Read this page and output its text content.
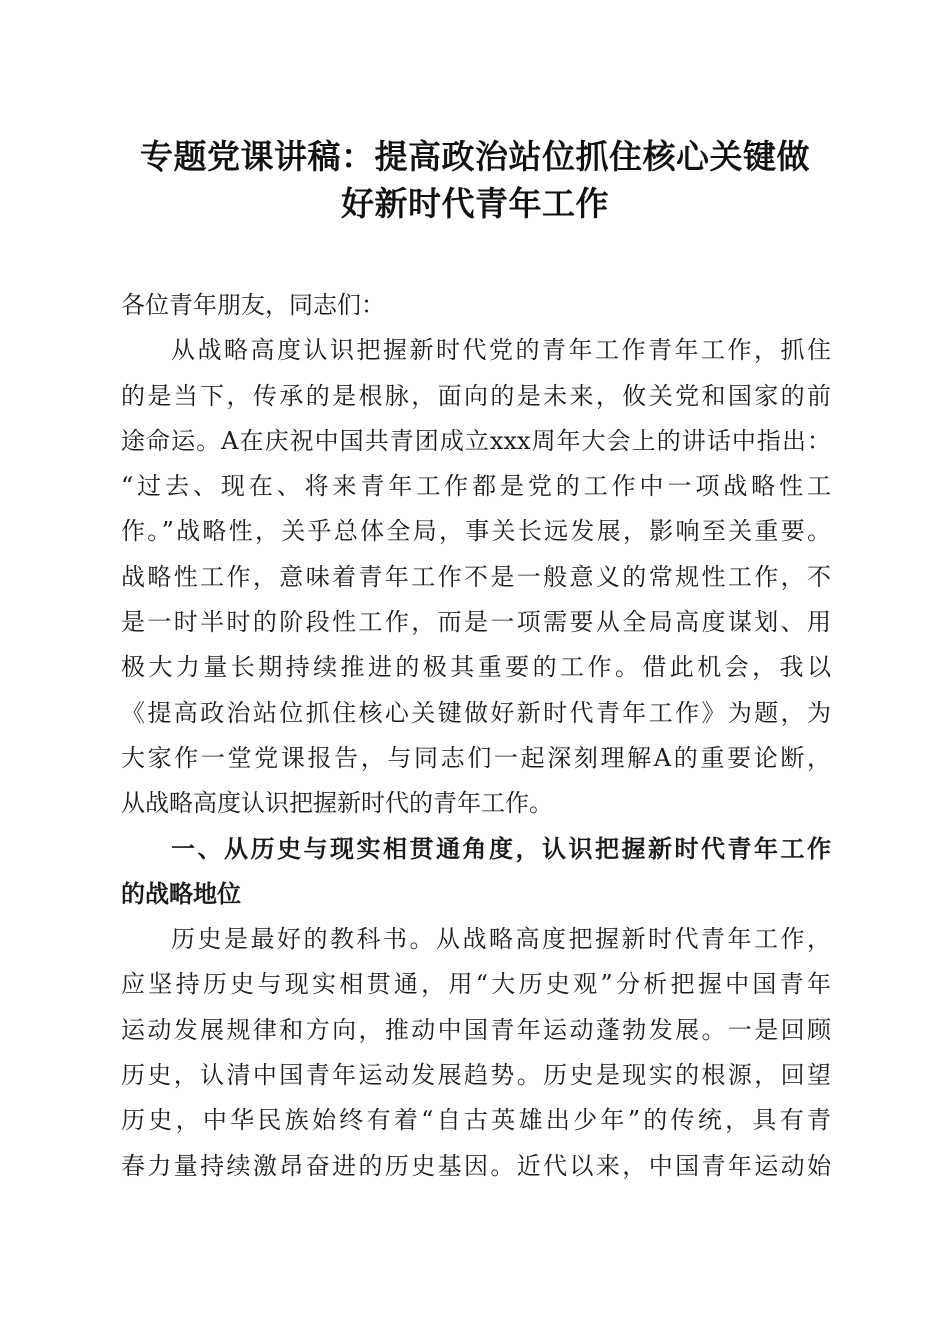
专题党课讲稿：提高政治站位抓住核心关键做
好新时代青年工作
各位青年朋友，同志们：
从战略高度认识把握新时代党的青年工作青年工作，抓住
的是当下，传承的是根脉，面向的是未来，攸关党和国家的前
途命运。A在庆祝中国共青团成立xxx周年大会上的讲话中指出：
“过去、现在、将来青年工作都是党的工作中一项战略性工
作。”战略性，关乎总体全局，事关长远发展，影响至关重要。
战略性工作，意味着青年工作不是一般意义的常规性工作，不
是一时半时的阶段性工作，而是一项需要从全局高度谋划、用
极大力量长期持续推进的极其重要的工作。借此机会，我以
《提高政治站位抓住核心关键做好新时代青年工作》为题，为
大家作一堂党课报告，与同志们一起深刻理解A的重要论断，
从战略高度认识把握新时代的青年工作。
一、从历史与现实相贯通角度，认识把握新时代青年工作
的战略地位
历史是最好的教科书。从战略高度把握新时代青年工作，
应坚持历史与现实相贯通，用“大历史观”分析把握中国青年
运动发展规律和方向，推动中国青年运动蓬勃发展。一是回顾
历史，认清中国青年运动发展趋势。历史是现实的根源，回望
历史，中华民族始终有着“自古英雄出少年”的传统，具有青
春力量持续激昂奋进的历史基因。近代以来，中国青年运动始
